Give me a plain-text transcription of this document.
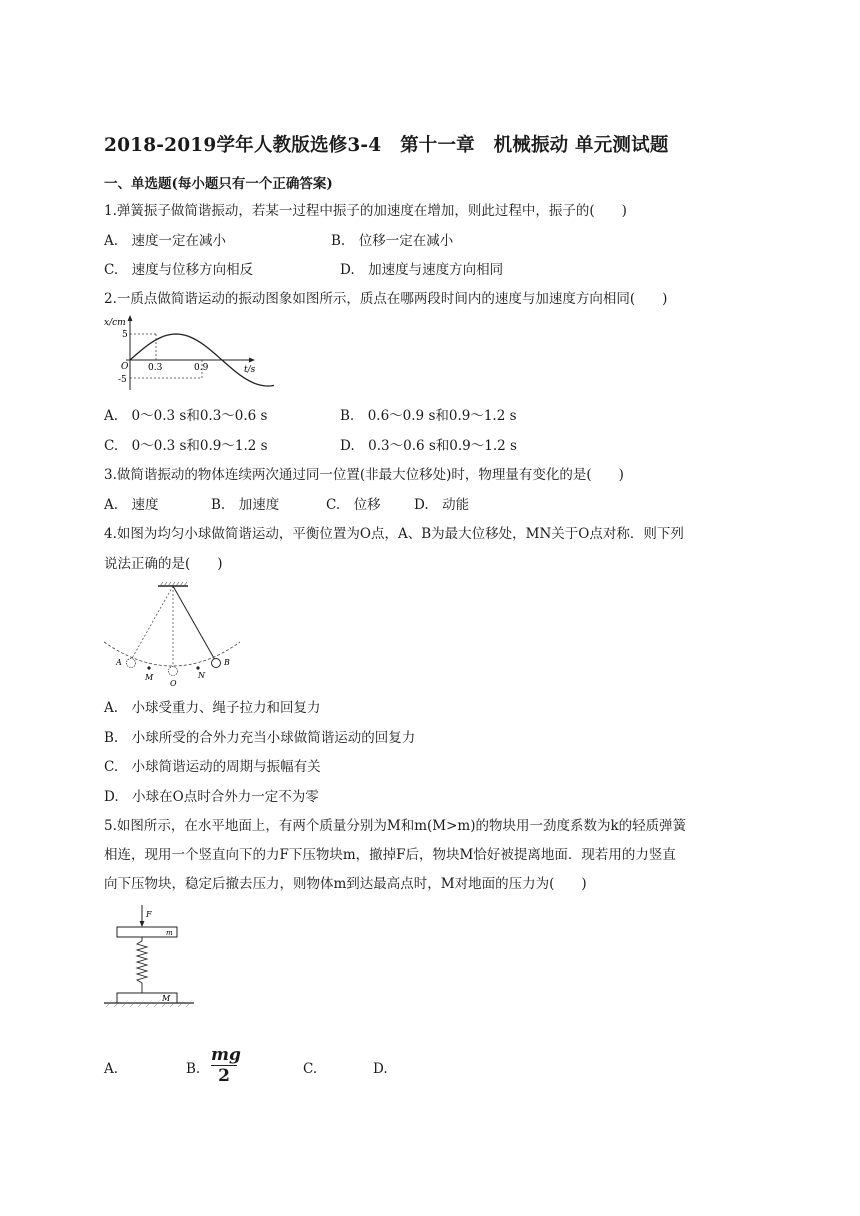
2018-2019学年人教版选修3-4　第十一章　机械振动 单元测试题
一、单选题(每小题只有一个正确答案)
1.弹簧振子做简谐振动，若某一过程中振子的加速度在增加，则此过程中，振子的(　　)
A.　速度一定在减小	B.　位移一定在减小
C.　速度与位移方向相反	D.　加速度与速度方向相同
2.一质点做简谐运动的振动图象如图所示，质点在哪两段时间内的速度与加速度方向相同(　　)
x/cm
t/s
O
5
-5
0.3	0.9
A.　0～0.3 s和0.3～0.6 s	B.　0.6～0.9 s和0.9～1.2 s
C.　0～0.3 s和0.9～1.2 s	D.　0.3～0.6 s和0.9～1.2 s
3.做简谐振动的物体连续两次通过同一位置(非最大位移处)时，物理量有变化的是(　　)
A.　速度	B.　加速度	C.　位移 D.　动能
4.如图为均匀小球做简谐运动，平衡位置为O点，A、B为最大位移处，MN关于O点对称．则下列
说法正确的是(　　)
A	B
O
M	N
A.　小球受重力、绳子拉力和回复力
B.　小球所受的合外力充当小球做简谐运动的回复力
C.　小球简谐运动的周期与振幅有关
D.　小球在O点时合外力一定不为零
5.如图所示，在水平地面上，有两个质量分别为M和m(M>m)的物块用一劲度系数为k的轻质弹簧
相连，现用一个竖直向下的力F下压物块m，撤掉F后，物块M恰好被提离地面．现若用的力竖直
向下压物块，稳定后撤去压力，则物体m到达最高点时，M对地面的压力为(　　)
F
m
M
A.	B. $\frac{mg}{2}$	C.	D.
